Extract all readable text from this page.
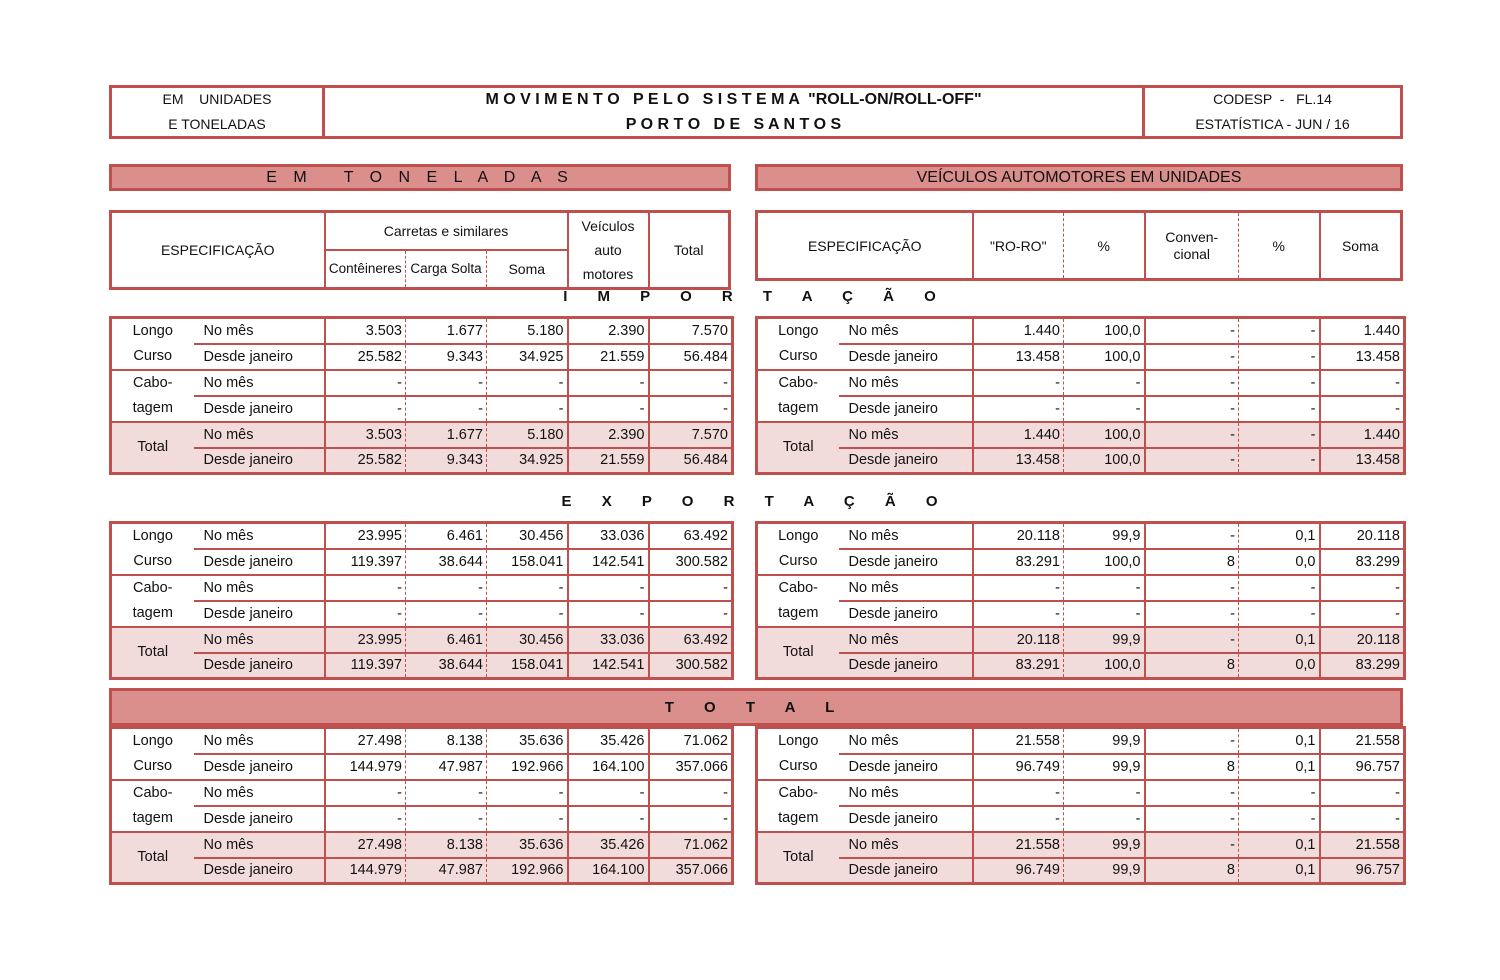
EM    UNIDADES
E TONELADAS
M O V I M E N T O   P E L O   S I S T E M A  "ROLL-ON/ROLL-OFF"
P O R T O   D E   S A N T O S
CODESP  -   FL.14
ESTATÍSTICA - JUN / 16
E M   T O N E L A D A S	VEÍCULOS AUTOMOTORES EM UNIDADES
ESPECIFICAÇÃO	Carretas e similares			Veículos
auto
motores	Total
	Contêineres	Carga Solta	Soma		
ESPECIFICAÇÃO	"RO-RO"	%	
Conven-
cional	%	Soma
I M P O R T A Ç Ã O
E X P O R T A Ç Ã O
T O T A L
Longo	No mês	3.503	1.677	5.180	2.390	7.570
Curso	Desde janeiro	25.582	9.343	34.925	21.559	56.484
Cabo-	No mês	-	-	-	-	-
tagem	Desde janeiro	-	-	-	-	-
Total	No mês	3.503	1.677	5.180	2.390	7.570
	Desde janeiro	25.582	9.343	34.925	21.559	56.484
Longo	No mês	1.440	100,0	-	-	1.440
Curso	Desde janeiro	13.458	100,0	-	-	13.458
Cabo-	No mês	-	-	-	-	-
tagem	Desde janeiro	-	-	-	-	-
Total	No mês	1.440	100,0	-	-	1.440
	Desde janeiro	13.458	100,0	-	-	13.458
Longo	No mês	23.995	6.461	30.456	33.036	63.492
Curso	Desde janeiro	119.397	38.644	158.041	142.541	300.582
Cabo-	No mês	-	-	-	-	-
tagem	Desde janeiro	-	-	-	-	-
Total	No mês	23.995	6.461	30.456	33.036	63.492
	Desde janeiro	119.397	38.644	158.041	142.541	300.582
Longo	No mês	20.118	99,9	-	0,1	20.118
Curso	Desde janeiro	83.291	100,0	8	0,0	83.299
Cabo-	No mês	-	-	-	-	-
tagem	Desde janeiro	-	-	-	-	-
Total	No mês	20.118	99,9	-	0,1	20.118
	Desde janeiro	83.291	100,0	8	0,0	83.299
Longo	No mês	27.498	8.138	35.636	35.426	71.062
Curso	Desde janeiro	144.979	47.987	192.966	164.100	357.066
Cabo-	No mês	-	-	-	-	-
tagem	Desde janeiro	-	-	-	-	-
Total	No mês	27.498	8.138	35.636	35.426	71.062
	Desde janeiro	144.979	47.987	192.966	164.100	357.066
Longo	No mês	21.558	99,9	-	0,1	21.558
Curso	Desde janeiro	96.749	99,9	8	0,1	96.757
Cabo-	No mês	-	-	-	-	-
tagem	Desde janeiro	-	-	-	-	-
Total	No mês	21.558	99,9	-	0,1	21.558
	Desde janeiro	96.749	99,9	8	0,1	96.757
